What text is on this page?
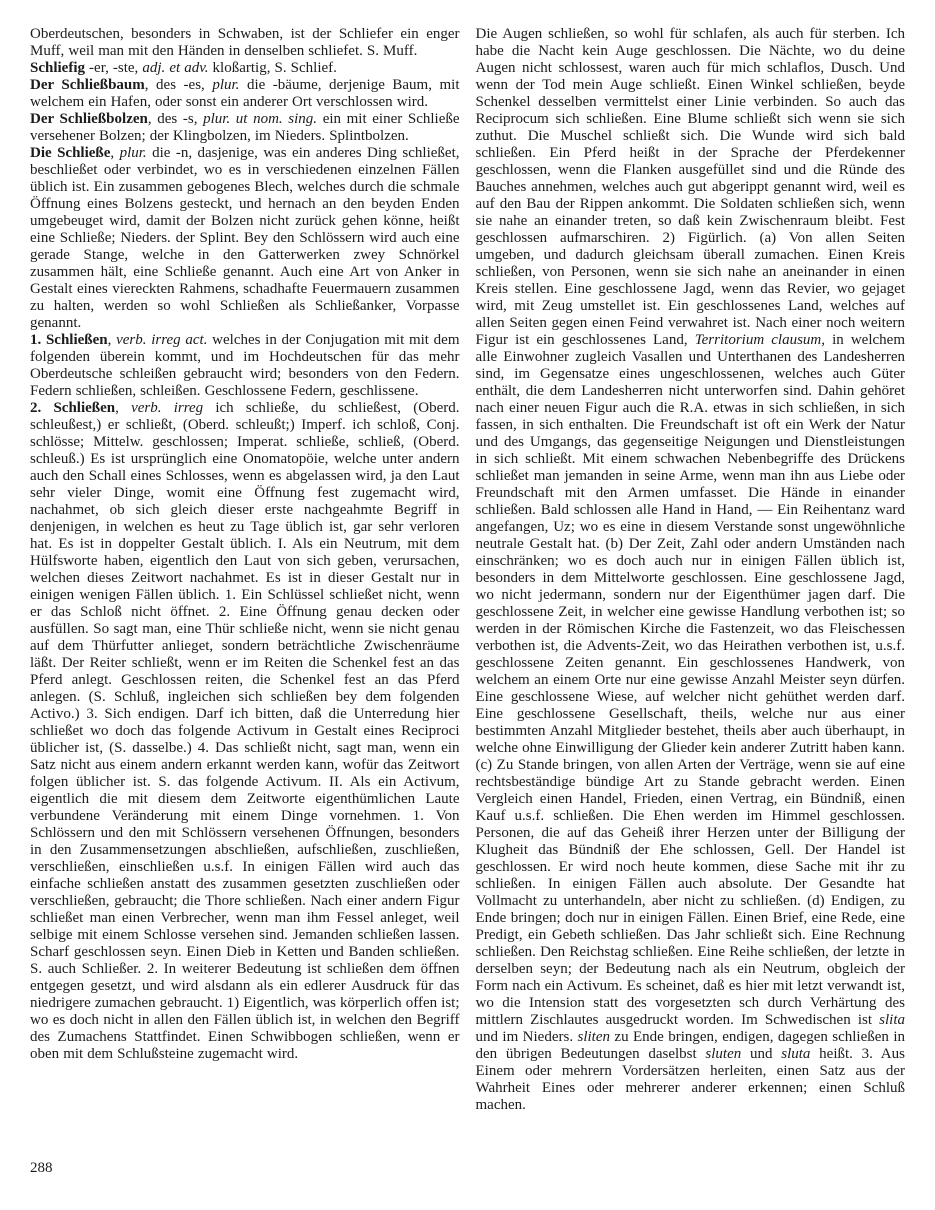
Oberdeutschen, besonders in Schwaben, ist der Schliefer ein enger Muff, weil man mit den Händen in denselben schliefet. S. Muff.

Schliefig -er, -ste, adj. et adv. kloßartig, S. Schlief.

Der Schließbaum, des -es, plur. die -bäume, derjenige Baum, mit welchem ein Hafen, oder sonst ein anderer Ort verschlossen wird.

Der Schließbolzen, des -s, plur. ut nom. sing. ein mit einer Schließe versehener Bolzen; der Klingbolzen, im Nieders. Splintbolzen.

Die Schließe, plur. die -n, dasjenige, was ein anderes Ding schließet, beschließet oder verbindet, wo es in verschiedenen einzelnen Fällen üblich ist. Ein zusammen gebogenes Blech, welches durch die schmale Öffnung eines Bolzens gesteckt, und hernach an den beyden Enden umgebeuget wird, damit der Bolzen nicht zurück gehen könne, heißt eine Schließe; Nieders. der Splint. Bey den Schlössern wird auch eine gerade Stange, welche in den Gatterwerken zwey Schnörkel zusammen hält, eine Schließe genannt. Auch eine Art von Anker in Gestalt eines viereckten Rahmens, schadhafte Feuermauern zusammen zu halten, werden so wohl Schließen als Schließanker, Vorpasse genannt.

1. Schließen, verb. irreg act. welches in der Conjugation mit mit dem folgenden überein kommt, und im Hochdeutschen für das mehr Oberdeutsche schleißen gebraucht wird; besonders von den Federn. Federn schließen, schleißen. Geschlossene Federn, geschlissene.

2. Schließen, verb. irreg ich schließe, du schließest, (Oberd. schleußest,) er schließt, (Oberd. schleußt;) Imperf. ich schloß, Conj. schlösse; Mittelw. geschlossen; Imperat. schließe, schließ, (Oberd. schleuß.) Es ist ursprünglich eine Onomatopöie, welche unter andern auch den Schall eines Schlosses, wenn es abgelassen wird, ja den Laut sehr vieler Dinge, womit eine Öffnung fest zugemacht wird, nachahmet, ob sich gleich dieser erste nachgeahmte Begriff in denjenigen, in welchen es heut zu Tage üblich ist, gar sehr verloren hat. Es ist in doppelter Gestalt üblich. I. Als ein Neutrum, mit dem Hülfsworte haben, eigentlich den Laut von sich geben, verursachen, welchen dieses Zeitwort nachahmet. Es ist in dieser Gestalt nur in einigen wenigen Fällen üblich. 1. Ein Schlüssel schließet nicht, wenn er das Schloß nicht öffnet. 2. Eine Öffnung genau decken oder ausfüllen. So sagt man, eine Thür schließe nicht, wenn sie nicht genau auf dem Thürfutter anlieget, sondern beträchtliche Zwischenräume läßt. Der Reiter schließt, wenn er im Reiten die Schenkel fest an das Pferd anlegt. Geschlossen reiten, die Schenkel fest an das Pferd anlegen. (S. Schluß, ingleichen sich schließen bey dem folgenden Activo.) 3. Sich endigen. Darf ich bitten, daß die Unterredung hier schließet wo doch das folgende Activum in Gestalt eines Reciproci üblicher ist, (S. dasselbe.) 4. Das schließt nicht, sagt man, wenn ein Satz nicht aus einem andern erkannt werden kann, wofür das Zeitwort folgen üblicher ist. S. das folgende Activum. II. Als ein Activum, eigentlich die mit diesem dem Zeitworte eigenthümlichen Laute verbundene Veränderung mit einem Dinge vornehmen. 1. Von Schlössern und den mit Schlössern versehenen Öffnungen, besonders in den Zusammensetzungen abschließen, aufschließen, zuschließen, verschließen, einschließen u.s.f. In einigen Fällen wird auch das einfache schließen anstatt des zusammen gesetzten zuschließen oder verschließen, gebraucht; die Thore schließen. Nach einer andern Figur schließet man einen Verbrecher, wenn man ihm Fessel anleget, weil selbige mit einem Schlosse versehen sind. Jemanden schließen lassen. Scharf geschlossen seyn. Einen Dieb in Ketten und Banden schließen. S. auch Schließer. 2. In weiterer Bedeutung ist schließen dem öffnen entgegen gesetzt, und wird alsdann als ein edlerer Ausdruck für das niedrigere zumachen gebraucht. 1) Eigentlich, was körperlich offen ist; wo es doch nicht in allen den Fällen üblich ist, in welchen den Begriff des Zumachens Stattfindet. Einen Schwibbogen schließen, wenn er oben mit dem Schlußsteine zugemacht wird.

Die Augen schließen, so wohl für schlafen, als auch für sterben. Ich habe die Nacht kein Auge geschlossen. Die Nächte, wo du deine Augen nicht schlossest, waren auch für mich schlaflos, Dusch. Und wenn der Tod mein Auge schließt. Einen Winkel schließen, beyde Schenkel desselben vermittelst einer Linie verbinden. So auch das Reciprocum sich schließen. Eine Blume schließt sich wenn sie sich zuthut. Die Muschel schließt sich. Die Wunde wird sich bald schließen. Ein Pferd heißt in der Sprache der Pferdekenner geschlossen, wenn die Flanken ausgefüllet sind und die Ründe des Bauches annehmen, welches auch gut abgerippt genannt wird, weil es auf den Bau der Rippen ankommt. Die Soldaten schließen sich, wenn sie nahe an einander treten, so daß kein Zwischenraum bleibt. Fest geschlossen aufmarschiren. 2) Figürlich. (a) Von allen Seiten umgeben, und dadurch gleichsam überall zumachen. Einen Kreis schließen, von Personen, wenn sie sich nahe an aneinander in einen Kreis stellen. Eine geschlossene Jagd, wenn das Revier, wo gejaget wird, mit Zeug umstellet ist. Ein geschlossenes Land, welches auf allen Seiten gegen einen Feind verwahret ist. Nach einer noch weitern Figur ist ein geschlossenes Land, Territorium clausum, in welchem alle Einwohner zugleich Vasallen und Unterthanen des Landesherren sind, im Gegensatze eines ungeschlossenen, welches auch Güter enthält, die dem Landesherren nicht unterworfen sind. Dahin gehöret nach einer neuen Figur auch die R.A. etwas in sich schließen, in sich fassen, in sich enthalten. Die Freundschaft ist oft ein Werk der Natur und des Umgangs, das gegenseitige Neigungen und Dienstleistungen in sich schließt. Mit einem schwachen Nebenbegriffe des Drückens schließet man jemanden in seine Arme, wenn man ihn aus Liebe oder Freundschaft mit den Armen umfasset. Die Hände in einander schließen. Bald schlossen alle Hand in Hand, — Ein Reihentanz ward angefangen, Uz; wo es eine in diesem Verstande sonst ungewöhnliche neutrale Gestalt hat. (b) Der Zeit, Zahl oder andern Umständen nach einschränken; wo es doch auch nur in einigen Fällen üblich ist, besonders in dem Mittelworte geschlossen. Eine geschlossene Jagd, wo nicht jedermann, sondern nur der Eigenthümer jagen darf. Die geschlossene Zeit, in welcher eine gewisse Handlung verbothen ist; so werden in der Römischen Kirche die Fastenzeit, wo das Fleischessen verbothen ist, die Advents-Zeit, wo das Heirathen verbothen ist, u.s.f. geschlossene Zeiten genannt. Ein geschlossenes Handwerk, von welchem an einem Orte nur eine gewisse Anzahl Meister seyn dürfen. Eine geschlossene Wiese, auf welcher nicht gehüthet werden darf. Eine geschlossene Gesellschaft, theils, welche nur aus einer bestimmten Anzahl Mitglieder bestehet, theils aber auch überhaupt, in welche ohne Einwilligung der Glieder kein anderer Zutritt haben kann. (c) Zu Stande bringen, von allen Arten der Verträge, wenn sie auf eine rechtsbeständige bündige Art zu Stande gebracht werden. Einen Vergleich einen Handel, Frieden, einen Vertrag, ein Bündniß, einen Kauf u.s.f. schließen. Die Ehen werden im Himmel geschlossen. Personen, die auf das Geheiß ihrer Herzen unter der Billigung der Klugheit das Bündniß der Ehe schlossen, Gell. Der Handel ist geschlossen. Er wird noch heute kommen, diese Sache mit ihr zu schließen. In einigen Fällen auch absolute. Der Gesandte hat Vollmacht zu unterhandeln, aber nicht zu schließen. (d) Endigen, zu Ende bringen; doch nur in einigen Fällen. Einen Brief, eine Rede, eine Predigt, ein Gebeth schließen. Das Jahr schließt sich. Eine Rechnung schließen. Den Reichstag schließen. Eine Reihe schließen, der letzte in derselben seyn; der Bedeutung nach als ein Neutrum, obgleich der Form nach ein Activum. Es scheinet, daß es hier mit letzt verwandt ist, wo die Intension statt des vorgesetzten sch durch Verhärtung des mittlern Zischlautes ausgedruckt worden. Im Schwedischen ist slita und im Nieders. sliten zu Ende bringen, endigen, dagegen schließen in den übrigen Bedeutungen daselbst sluten und sluta heißt. 3. Aus Einem oder mehrern Vordersätzen herleiten, einen Satz aus der Wahrheit Eines oder mehrerer anderer erkennen; einen Schluß machen.

288
